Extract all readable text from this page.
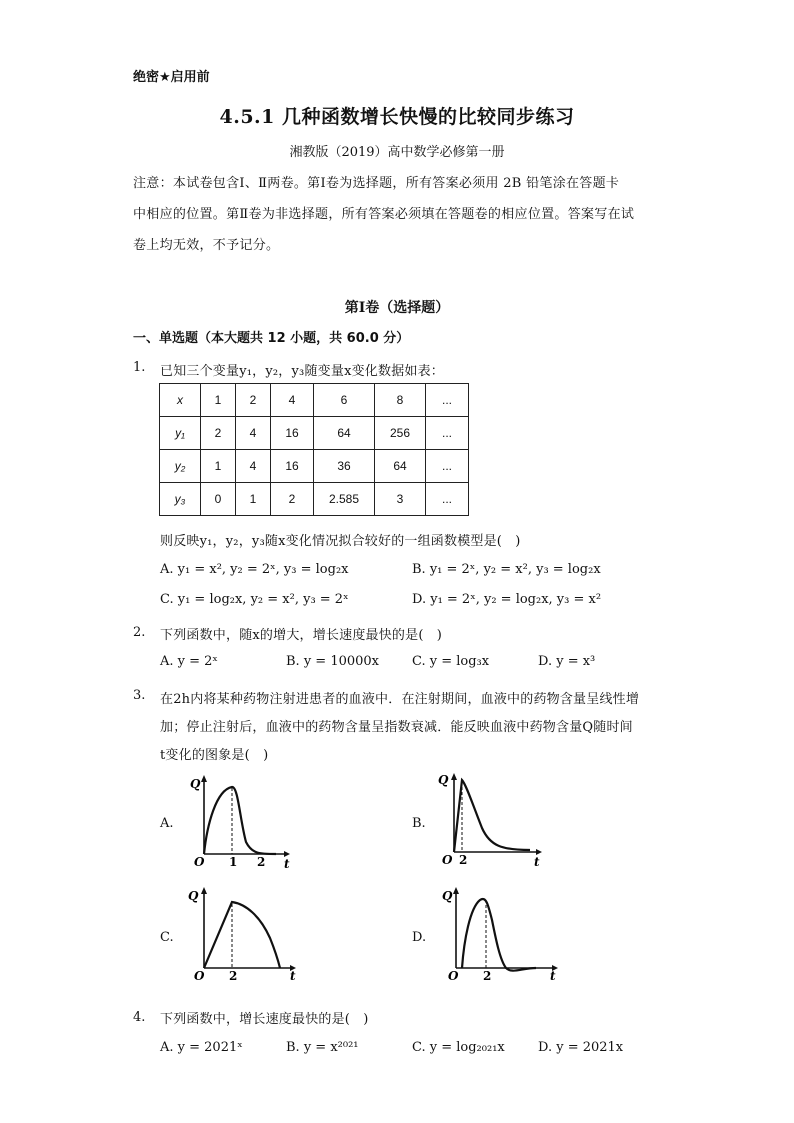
绝密★启用前
4.5.1 几种函数增长快慢的比较同步练习
湘教版（2019）高中数学必修第一册
注意：本试卷包含Ⅰ、Ⅱ两卷。第Ⅰ卷为选择题，所有答案必须用 2B 铅笔涂在答题卡
中相应的位置。第Ⅱ卷为非选择题，所有答案必须填在答题卷的相应位置。答案写在试
卷上均无效，不予记分。
第Ⅰ卷（选择题）
一、单选题（本大题共 12 小题，共 60.0 分）
1. 已知三个变量y₁，y₂，y₃随变量x变化数据如表：
x	1	2	4	6	8	...
y₁	2	4	16	64	256	...
y₂	1	4	16	36	64	...
y₃	0	1	2	2.585	3	...
则反映y₁，y₂，y₃随x变化情况拟合较好的一组函数模型是(　)
A. y₁ = x², y₂ = 2ˣ, y₃ = log₂x	B. y₁ = 2ˣ, y₂ = x², y₃ = log₂x
C. y₁ = log₂x, y₂ = x², y₃ = 2ˣ	D. y₁ = 2ˣ, y₂ = log₂x, y₃ = x²
2. 下列函数中，随x的增大，增长速度最快的是(　)
A. y = 2ˣ	B. y = 10000x	C. y = log₃x	D. y = x³
3. 在2h内将某种药物注射进患者的血液中．在注射期间，血液中的药物含量呈线性增
加；停止注射后，血液中的药物含量呈指数衰减．能反映血液中药物含量Q随时间
t变化的图象是(　)
A.
Q
t
O 1 2
B.
Q
t
O 2
C.
Q
t
O 2
D.
Q
t
O 2
4. 下列函数中，增长速度最快的是(　)
A. y = 2021ˣ	B. y = x²⁰²¹	C. y = log₂₀₂₁x	D. y = 2021x
